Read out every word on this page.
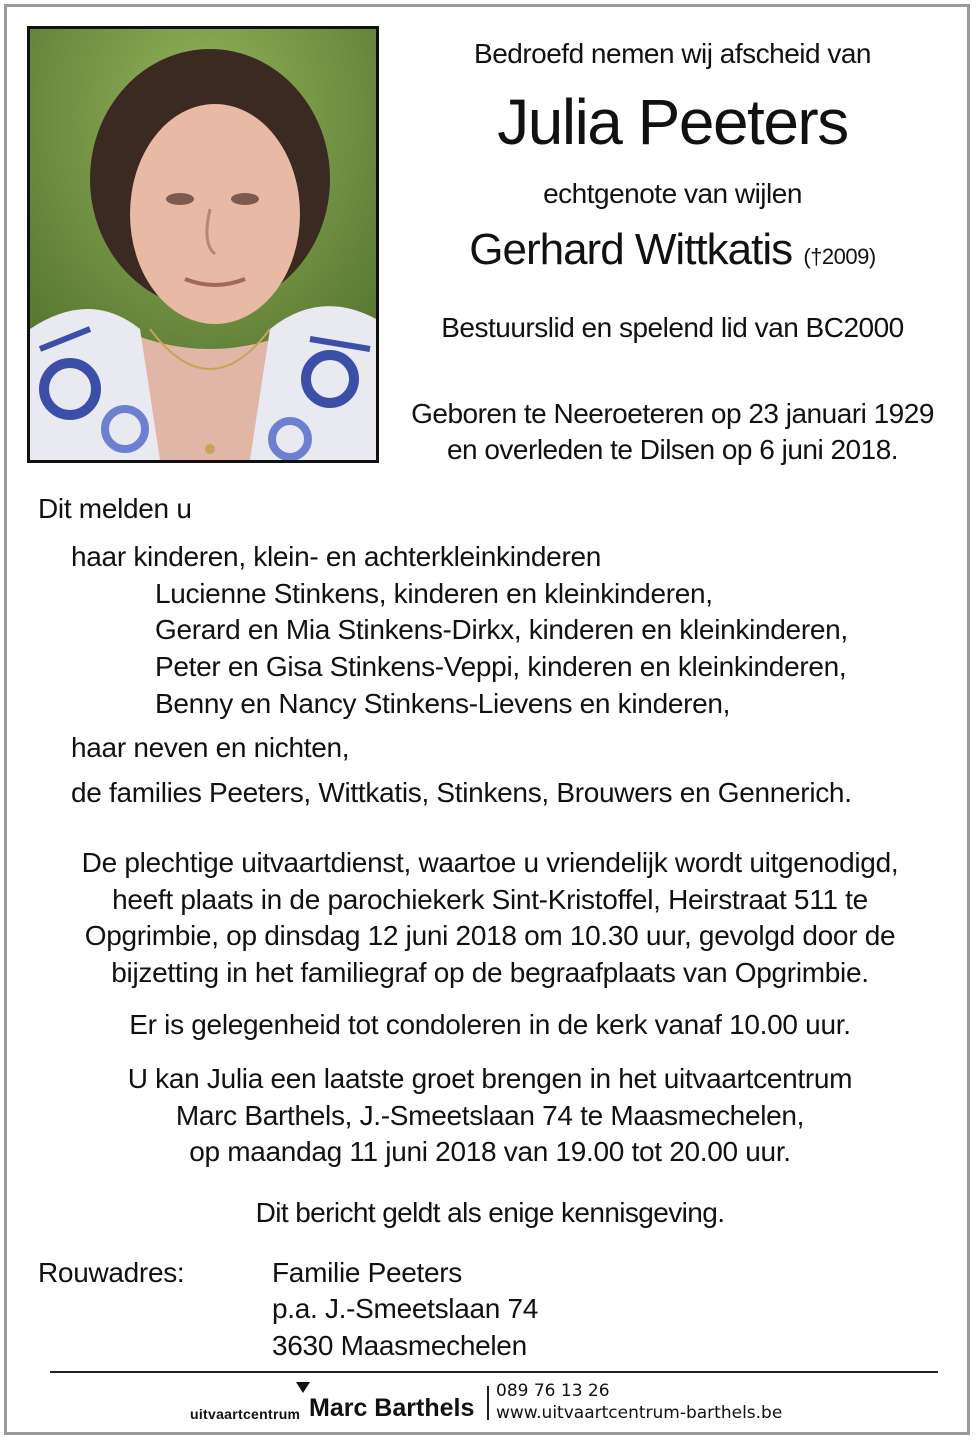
Bedroefd nemen wij afscheid van
Julia Peeters
echtgenote van wijlen
Gerhard Wittkatis (†2009)
Bestuurslid en spelend lid van BC2000
Geboren te Neeroeteren op 23 januari 1929
en overleden te Dilsen op 6 juni 2018.
Dit melden u
haar kinderen, klein- en achterkleinkinderen
Lucienne Stinkens, kinderen en kleinkinderen,
Gerard en Mia Stinkens-Dirkx, kinderen en kleinkinderen,
Peter en Gisa Stinkens-Veppi, kinderen en kleinkinderen,
Benny en Nancy Stinkens-Lievens en kinderen,
haar neven en nichten,
de families Peeters, Wittkatis, Stinkens, Brouwers en Gennerich.
De plechtige uitvaartdienst, waartoe u vriendelijk wordt uitgenodigd,
heeft plaats in de parochiekerk Sint-Kristoffel, Heirstraat 511 te
Opgrimbie, op dinsdag 12 juni 2018 om 10.30 uur, gevolgd door de
bijzetting in het familiegraf op de begraafplaats van Opgrimbie.
Er is gelegenheid tot condoleren in de kerk vanaf 10.00 uur.
U kan Julia een laatste groet brengen in het uitvaartcentrum
Marc Barthels, J.-Smeetslaan 74 te Maasmechelen,
op maandag 11 juni 2018 van 19.00 tot 20.00 uur.
Dit bericht geldt als enige kennisgeving.
Rouwadres:	Familie Peeters
p.a. J.-Smeetslaan 74
3630 Maasmechelen
uitvaartcentrum Marc Barthels
089 76 13 26
www.uitvaartcentrum-barthels.be
